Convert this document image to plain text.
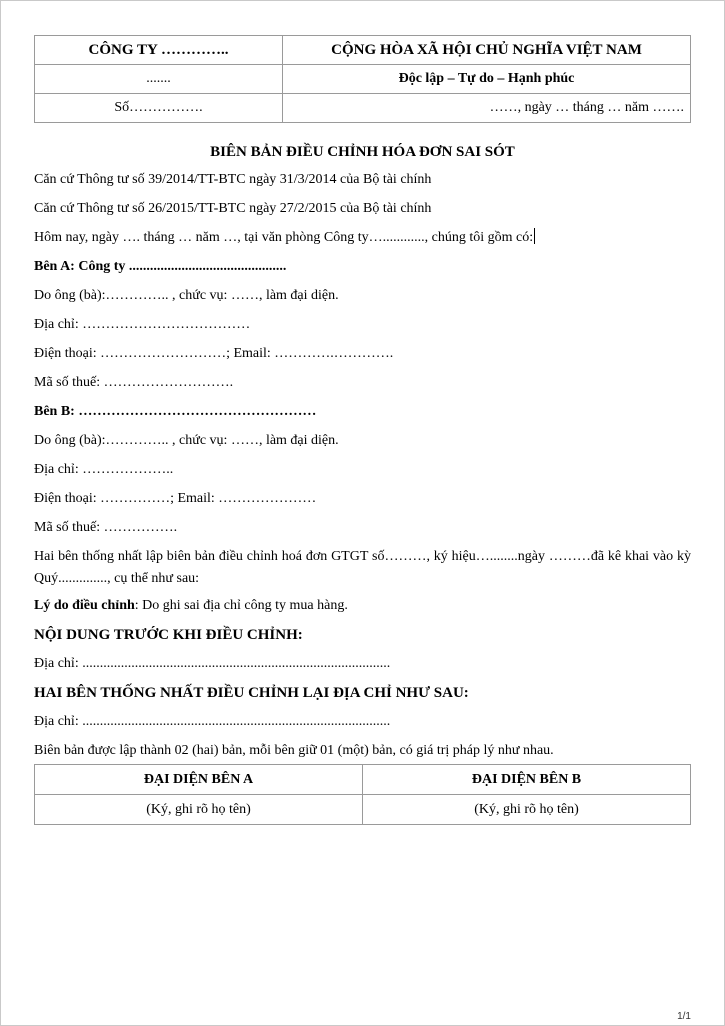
CÔNG TY …………..	CỘNG HÒA XÃ HỘI CHỦ NGHĨA VIỆT NAM
.......	Độc lập – Tự do – Hạnh phúc
Số…………….	……, ngày … tháng … năm …….
BIÊN BẢN ĐIỀU CHỈNH HÓA ĐƠN SAI SÓT
Căn cứ Thông tư số 39/2014/TT-BTC ngày 31/3/2014 của Bộ tài chính
Căn cứ Thông tư số 26/2015/TT-BTC ngày 27/2/2015 của Bộ tài chính
Hôm nay, ngày …. tháng … năm …, tại văn phòng Công ty…............, chúng tôi gồm có:
Bên A: Công ty .............................................
Do ông (bà):………….. , chức vụ: ……, làm đại diện.
Địa chỉ: ………………………………
Điện thoại: ………………………; Email: ………….………….
Mã số thuế: ……………………….
Bên B: ……………………………………………
Do ông (bà):………….. , chức vụ: ……, làm đại diện.
Địa chỉ: ………………..
Điện thoại: ……………; Email: …………………
Mã số thuế: …………….
Hai bên thống nhất lập biên bản điều chỉnh hoá đơn GTGT số………, ký hiệu…........ngày ………đã kê khai vào kỳ Quý.............., cụ thể như sau:
Lý do điều chỉnh: Do ghi sai địa chỉ công ty mua hàng.
NỘI DUNG TRƯỚC KHI ĐIỀU CHỈNH:
Địa chỉ: ........................................................................................
HAI BÊN THỐNG NHẤT ĐIỀU CHỈNH LẠI ĐỊA CHỈ NHƯ SAU:
Địa chỉ: ........................................................................................
Biên bản được lập thành 02 (hai) bản, mỗi bên giữ 01 (một) bản, có giá trị pháp lý như nhau.
ĐẠI DIỆN BÊN A	ĐẠI DIỆN BÊN B
(Ký, ghi rõ họ tên)	(Ký, ghi rõ họ tên)
1/1
